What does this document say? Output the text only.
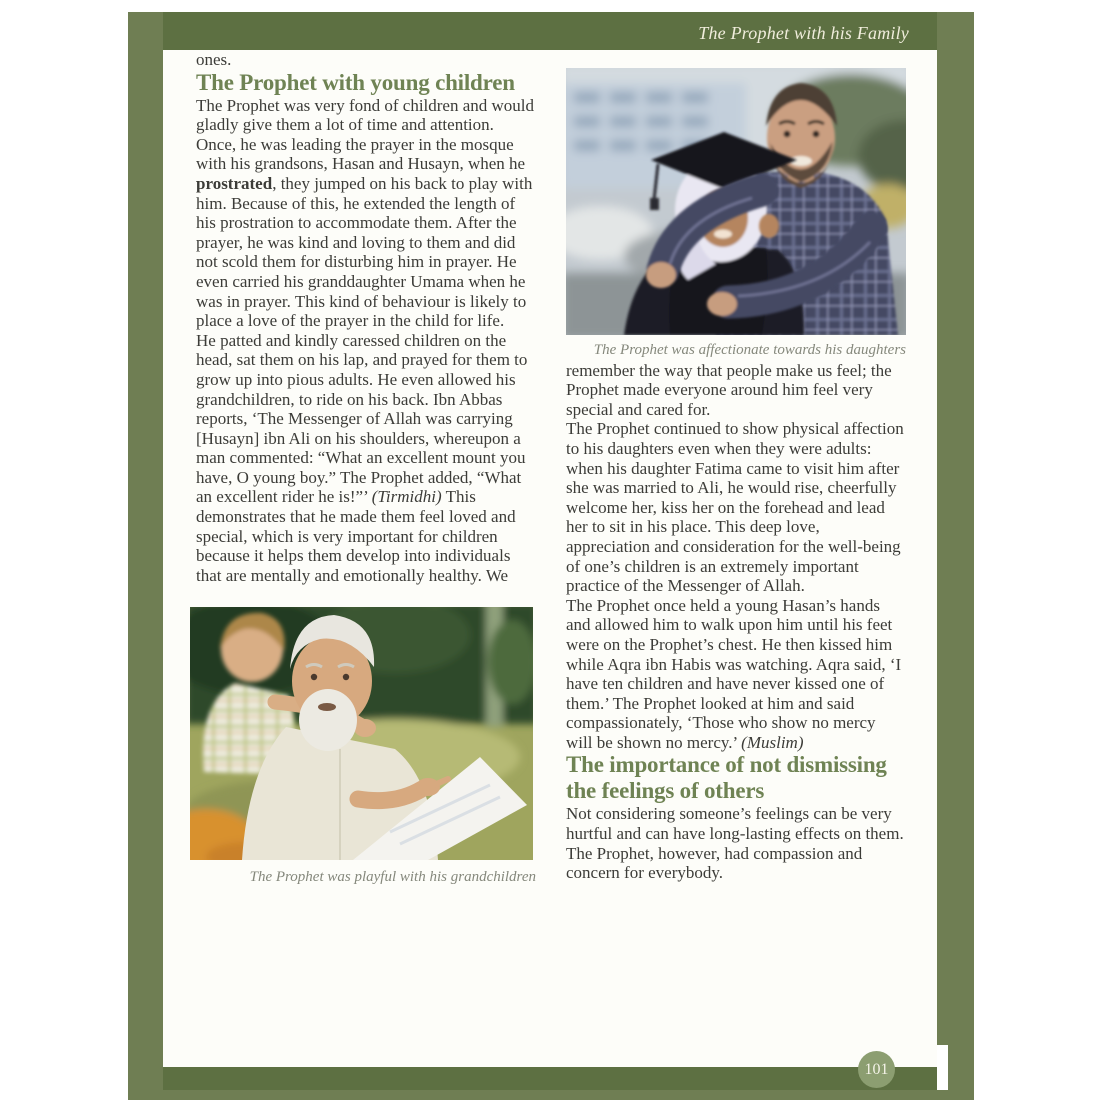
The Prophet with his Family

ones.

The Prophet with young children

The Prophet was very fond of children and would gladly give them a lot of time and attention. Once, he was leading the prayer in the mosque with his grandsons, Hasan and Husayn, when he prostrated, they jumped on his back to play with him. Because of this, he extended the length of his prostration to accommodate them. After the prayer, he was kind and loving to them and did not scold them for disturbing him in prayer. He even carried his granddaughter Umama when he was in prayer. This kind of behaviour is likely to place a love of the prayer in the child for life.

He patted and kindly caressed children on the head, sat them on his lap, and prayed for them to grow up into pious adults. He even allowed his grandchildren, to ride on his back. Ibn Abbas reports, ‘The Messenger of Allah was carrying [Husayn] ibn Ali on his shoulders, whereupon a man commented: “What an excellent mount you have, O young boy.” The Prophet added, “What an excellent rider he is!”’ (Tirmidhi) This demonstrates that he made them feel loved and special, which is very important for children because it helps them develop into individuals that are mentally and emotionally healthy. We

The Prophet was playful with his grandchildren
The Prophet was affectionate towards his daughters

remember the way that people make us feel; the Prophet made everyone around him feel very special and cared for.

The Prophet continued to show physical affection to his daughters even when they were adults: when his daughter Fatima came to visit him after she was married to Ali, he would rise, cheerfully welcome her, kiss her on the forehead and lead her to sit in his place. This deep love, appreciation and consideration for the well-being of one’s children is an extremely important practice of the Messenger of Allah.

The Prophet once held a young Hasan’s hands and allowed him to walk upon him until his feet were on the Prophet’s chest. He then kissed him while Aqra ibn Habis was watching. Aqra said, ‘I have ten children and have never kissed one of them.’ The Prophet looked at him and said compassionately, ‘Those who show no mercy will be shown no mercy.’ (Muslim)

The importance of not dismissing the feelings of others

Not considering someone’s feelings can be very hurtful and can have long-lasting effects on them. The Prophet, however, had compassion and concern for everybody.

101
